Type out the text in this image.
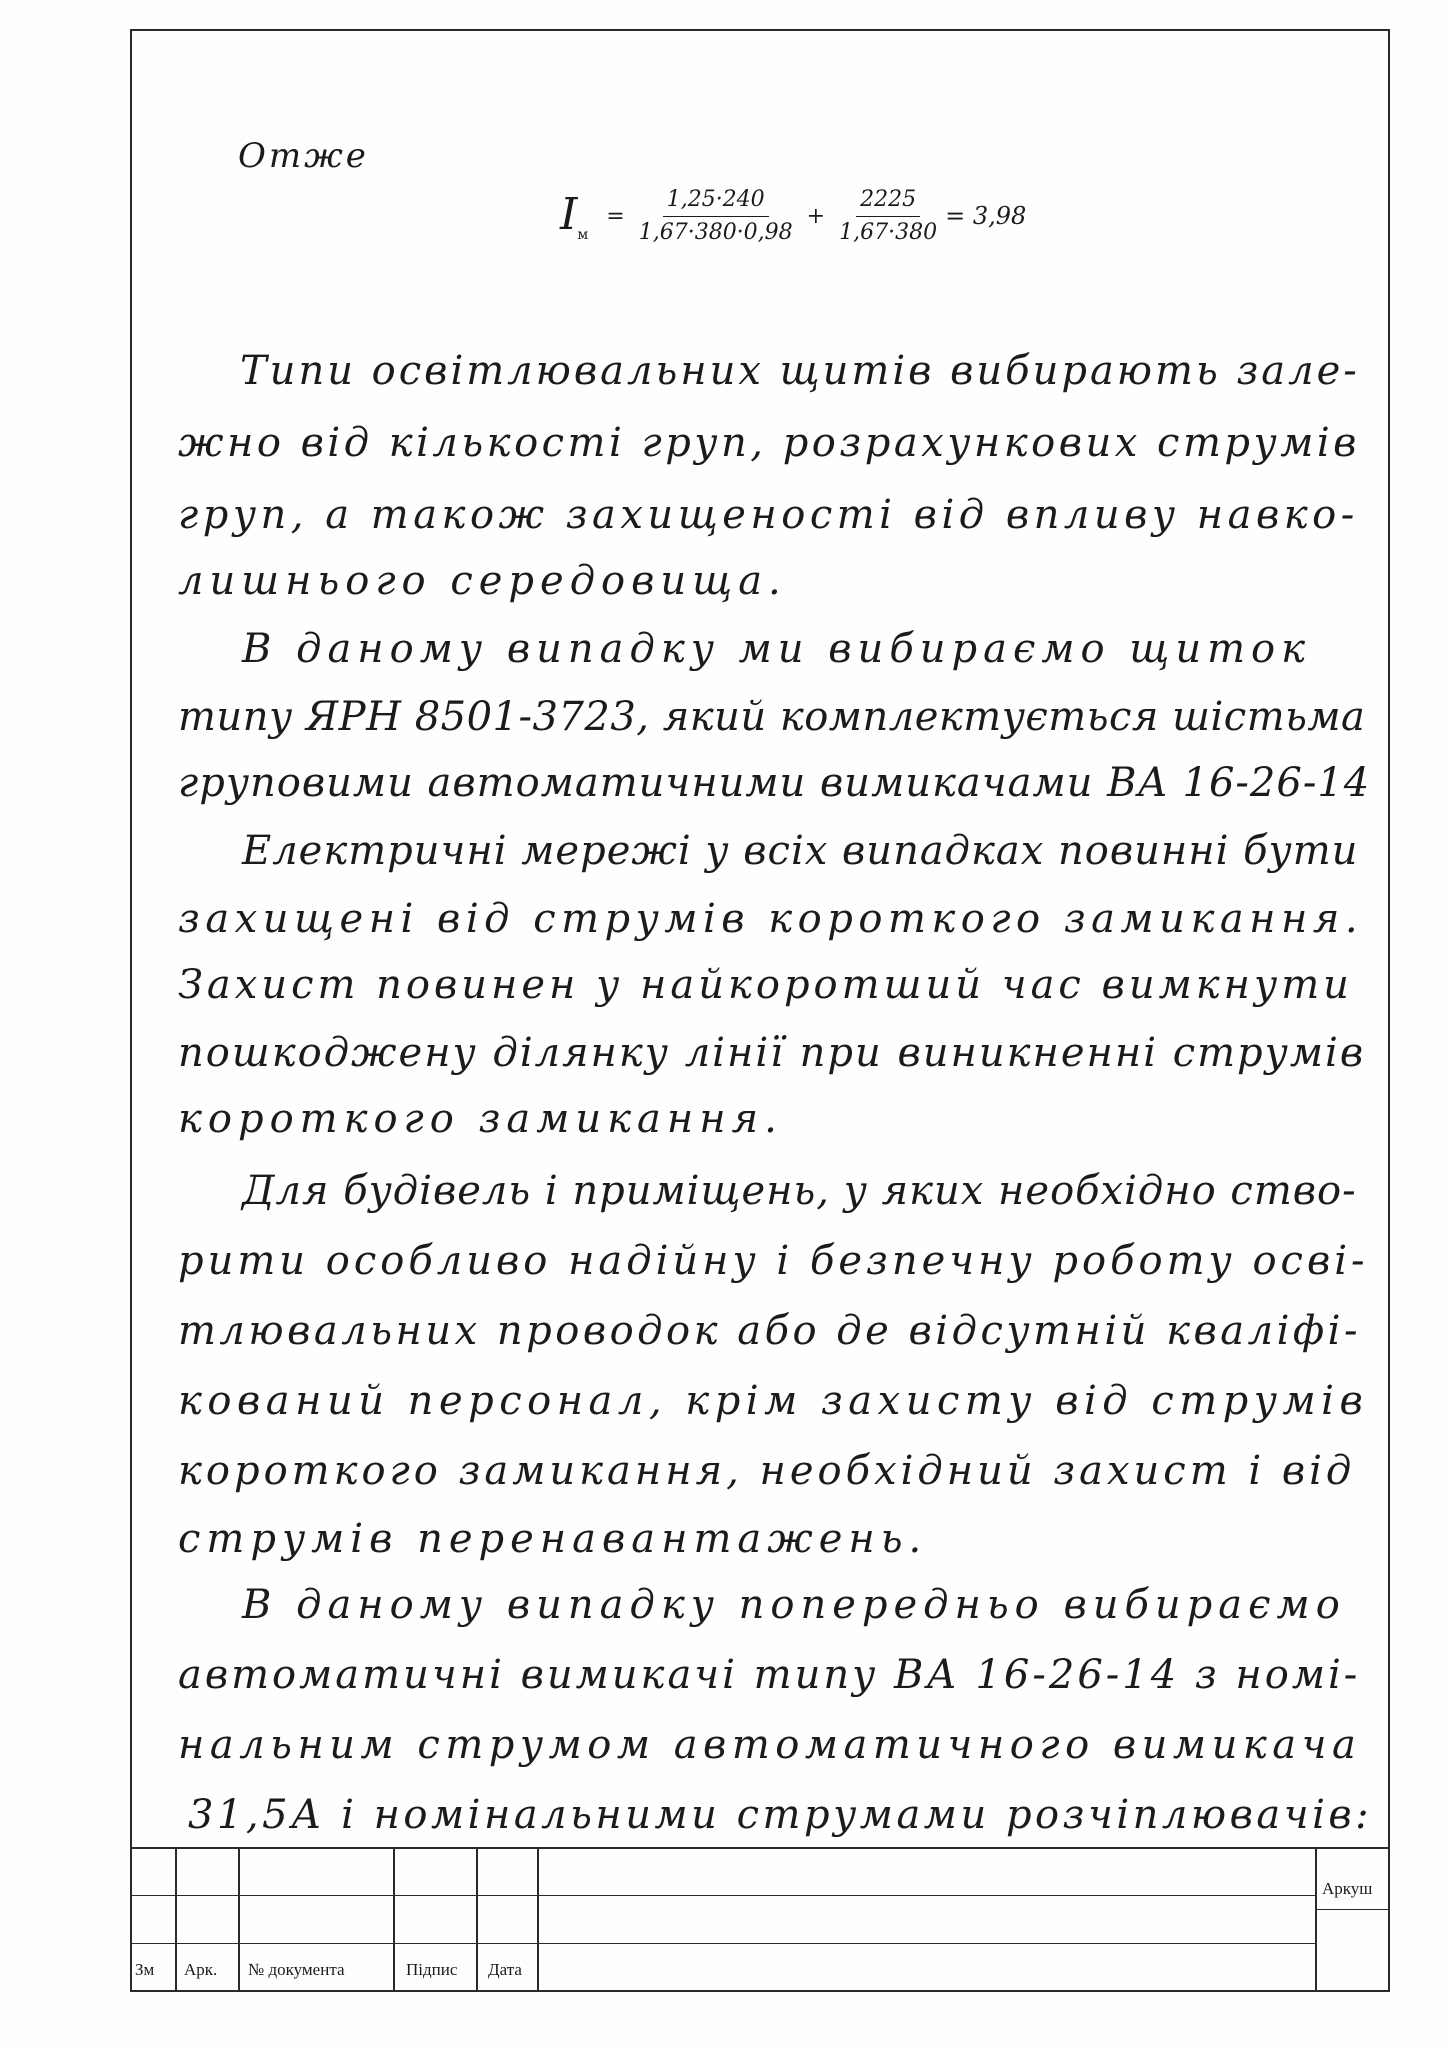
Отже
$I_м$
= $\frac{1,25\cdot 240}{1,67\cdot 380\cdot 0,98} + \frac{2225}{1,67\cdot 380} = 3,98$
Типи освітлювальних щитів вибирають зале-
жно від кількості груп, розрахункових струмів
груп, а також захищеності від впливу навко-
лишнього середовища.
В даному випадку ми вибираємо щиток
типу ЯРН 8501-3723, який комплектується шістьма
груповими автоматичними вимикачами ВА 16-26-14
Електричні мережі у всіх випадках повинні бути
захищені від струмів короткого замикання.
Захист повинен у найкоротший час вимкнути
пошкоджену ділянку лінії при виникненні струмів
короткого замикання.
Для будівель і приміщень, у яких необхідно ство-
рити особливо надійну і безпечну роботу осві-
тлювальних проводок або де відсутній кваліфі-
кований персонал, крім захисту від струмів
короткого замикання, необхідний захист і від
струмів перенавантажень.
В даному випадку попередньо вибираємо
автоматичні вимикачі типу ВА 16-26-14 з номі-
нальним струмом автоматичного вимикача
31,5А і номінальними струмами розчіплювачів:
Зм Арк. № документа	Підпис Дата
Аркуш
